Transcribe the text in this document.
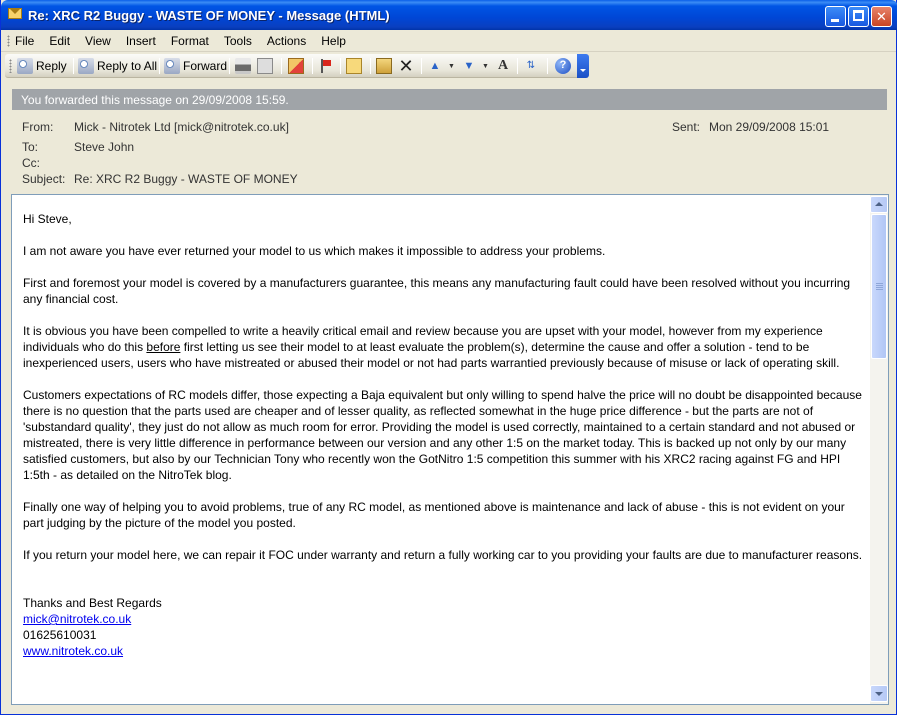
Re: XRC R2 Buggy - WASTE OF MONEY - Message (HTML)	✕
File Edit View Insert Format Tools Actions Help
Reply	Reply to All Forward	✕ ▲	▼ ▼	▼ A	⇅	?
You forwarded this message on 29/09/2008 15:59.
From: Mick - Nitrotek Ltd [mick@nitrotek.co.uk]	Sent: Mon 29/09/2008 15:01
To:	Steve John
Cc:
Subject: Re: XRC R2 Buggy - WASTE OF MONEY

Hi Steve,

I am not aware you have ever returned your model to us which makes it impossible to address your problems.

First and foremost your model is covered by a manufacturers guarantee, this means any manufacturing fault could have been resolved without you incurring any financial cost.

It is obvious you have been compelled to write a heavily critical email and review because you are upset with your model, however from my experience individuals who do this before first letting us see their model to at least evaluate the problem(s), determine the cause and offer a solution - tend to be inexperienced users, users who have mistreated or abused their model or not had parts warrantied previously because of misuse or lack of operating skill.

Customers expectations of RC models differ, those expecting a Baja equivalent but only willing to spend halve the price will no doubt be disappointed because there is no question that the parts used are cheaper and of lesser quality, as reflected somewhat in the huge price difference - but the parts are not of 'substandard quality', they just do not allow as much room for error. Providing the model is used correctly, maintained to a certain standard and not abused or mistreated, there is very little difference in performance between our version and any other 1:5 on the market today. This is backed up not only by our many satisfied customers, but also by our Technician Tony who recently won the GotNitro 1:5 competition this summer with his XRC2 racing against FG and HPI 1:5th - as detailed on the NitroTek blog.

Finally one way of helping you to avoid problems, true of any RC model, as mentioned above is maintenance and lack of abuse - this is not evident on your part judging by the picture of the model you posted.

If you return your model here, we can repair it FOC under warranty and return a fully working car to you providing your faults are due to manufacturer reasons.

Thanks and Best Regards
mick@nitrotek.co.uk
01625610031
www.nitrotek.co.uk
